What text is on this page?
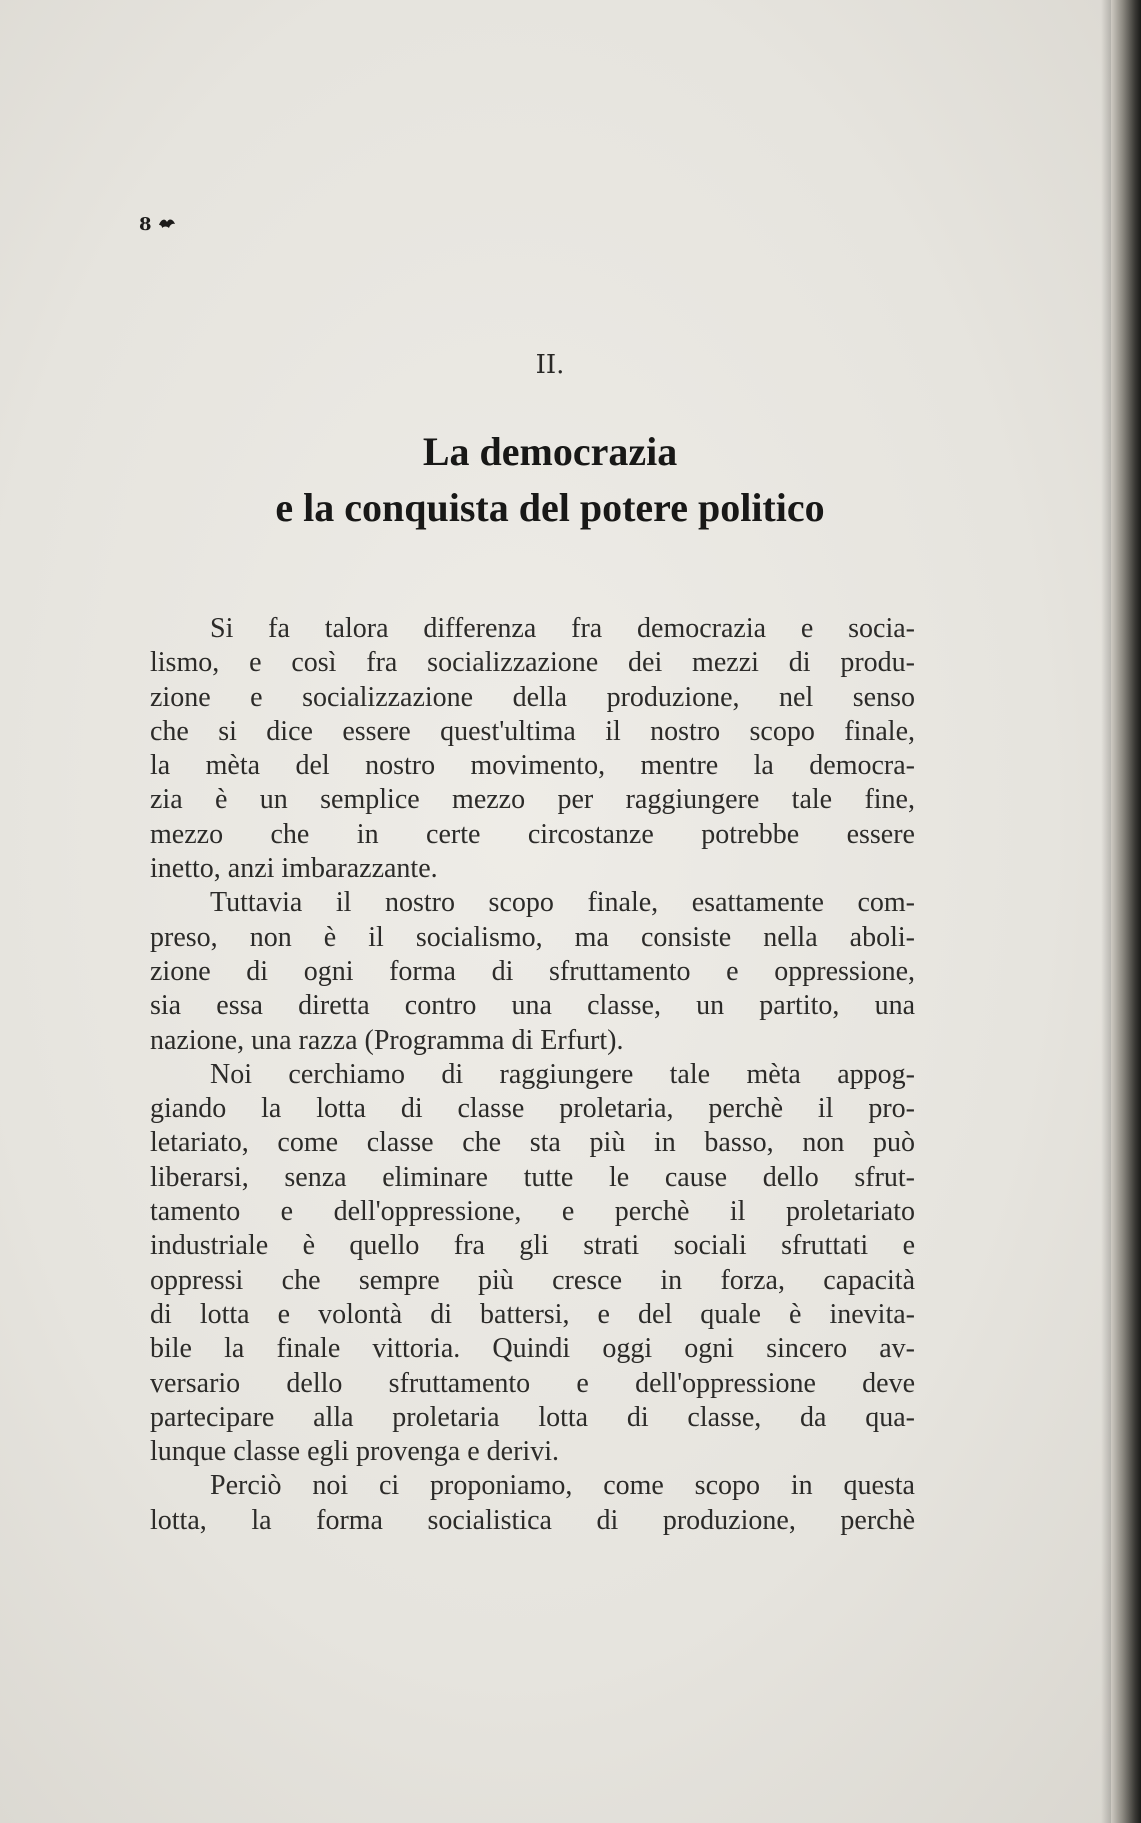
8
II.
La democrazia
e la conquista del potere politico
Si fa talora differenza fra democrazia e socia-
lismo, e così fra socializzazione dei mezzi di produ-
zione e socializzazione della produzione, nel senso
che si dice essere quest'ultima il nostro scopo finale,
la mèta del nostro movimento, mentre la democra-
zia è un semplice mezzo per raggiungere tale fine,
mezzo che in certe circostanze potrebbe essere
inetto, anzi imbarazzante.
Tuttavia il nostro scopo finale, esattamente com-
preso, non è il socialismo, ma consiste nella aboli-
zione di ogni forma di sfruttamento e oppressione,
sia essa diretta contro una classe, un partito, una
nazione, una razza (Programma di Erfurt).
Noi cerchiamo di raggiungere tale mèta appog-
giando la lotta di classe proletaria, perchè il pro-
letariato, come classe che sta più in basso, non può
liberarsi, senza eliminare tutte le cause dello sfrut-
tamento e dell'oppressione, e perchè il proletariato
industriale è quello fra gli strati sociali sfruttati e
oppressi che sempre più cresce in forza, capacità
di lotta e volontà di battersi, e del quale è inevita-
bile la finale vittoria. Quindi oggi ogni sincero av-
versario dello sfruttamento e dell'oppressione deve
partecipare alla proletaria lotta di classe, da qua-
lunque classe egli provenga e derivi.
Perciò noi ci proponiamo, come scopo in questa
lotta, la forma socialistica di produzione, perchè
